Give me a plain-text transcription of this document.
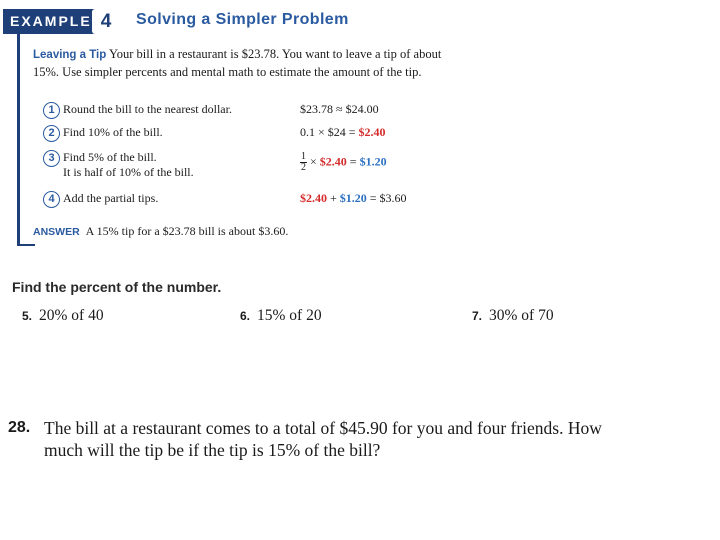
EXAMPLE 4	Solving a Simpler Problem
Leaving a Tip Your bill in a restaurant is $23.78. You want to leave a tip of about 15%. Use simpler percents and mental math to estimate the amount of the tip.
1 Round the bill to the nearest dollar.	$23.78 ≈ $24.00
2 Find 10% of the bill.	0.1 × $24 = $2.40
3 Find 5% of the bill.
It is half of 10% of the bill.	$\frac{1}{2}$ × $2.40 = $1.20
4 Add the partial tips.	$2.40 + $1.20 = $3.60
ANSWER A 15% tip for a $23.78 bill is about $3.60.
Find the percent of the number.
5. 20% of 40	6. 15% of 20	7. 30% of 70
28. The bill at a restaurant comes to a total of $45.90 for you and four friends. How much will the tip be if the tip is 15% of the bill?
